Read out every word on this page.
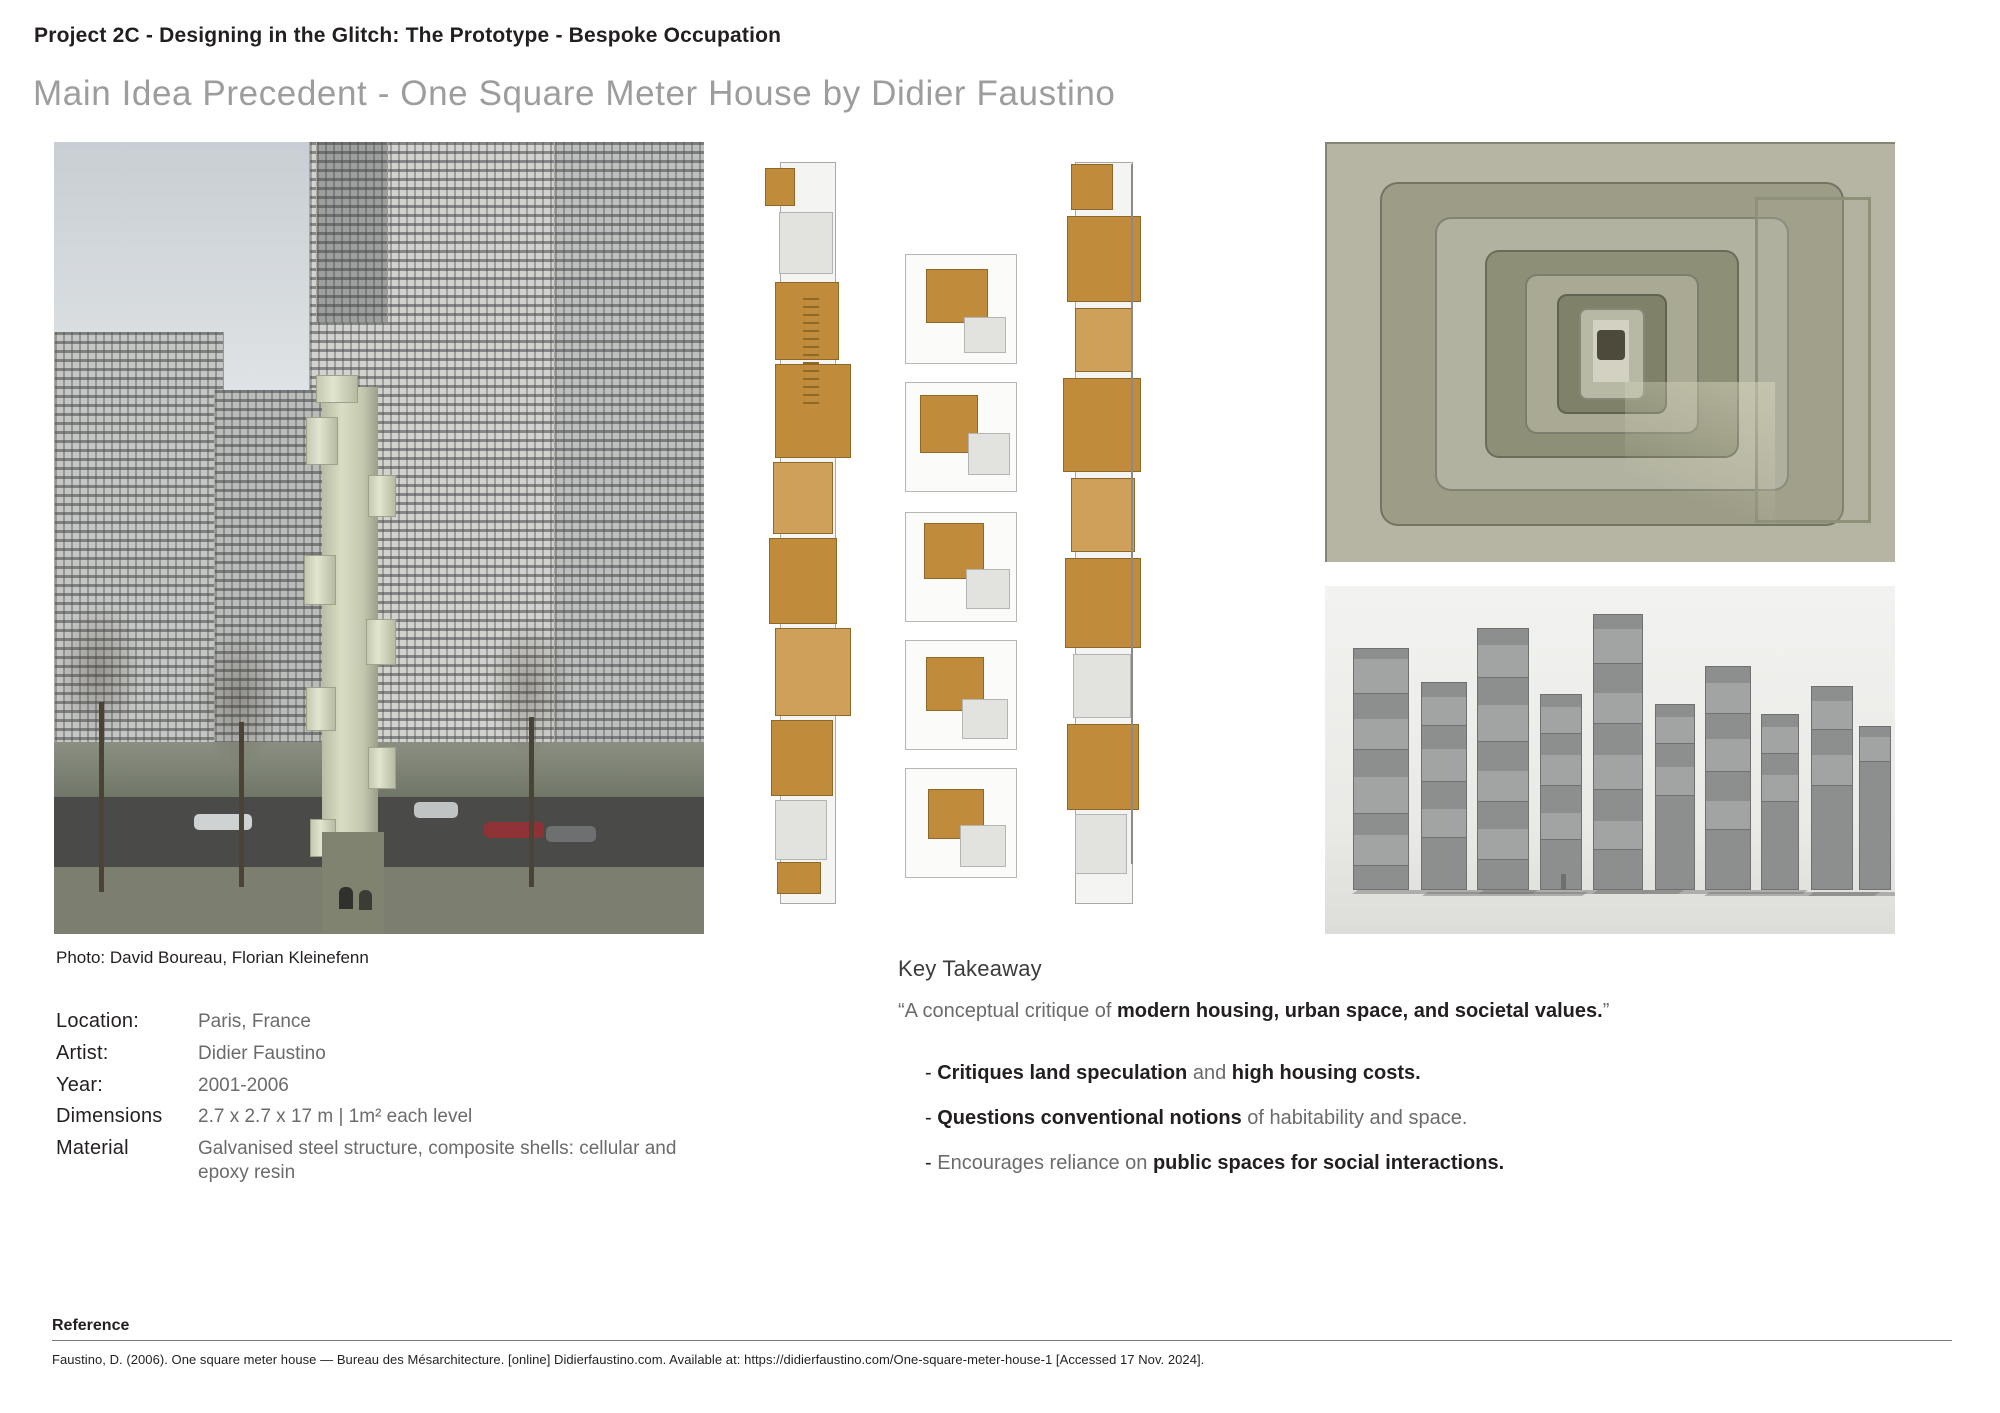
Project 2C - Designing in the Glitch: The Prototype - Bespoke Occupation
Main Idea Precedent - One Square Meter House by Didier Faustino
Photo: David Boureau, Florian Kleinefenn
Location:	Paris, France
Artist:	Didier Faustino
Year:	2001-2006
Dimensions	2.7 x 2.7 x 17 m | 1m² each level
Material	Galvanised steel structure, composite shells: cellular and epoxy resin
Key Takeaway
“A conceptual critique of modern housing, urban space, and societal values.”
- Critiques land speculation and high housing costs.
- Questions conventional notions of habitability and space.
- Encourages reliance on public spaces for social interactions.
Reference
Faustino, D. (2006). One square meter house — Bureau des Mésarchitecture. [online] Didierfaustino.com. Available at: https://didierfaustino.com/One-square-meter-house-1 [Accessed 17 Nov. 2024].
